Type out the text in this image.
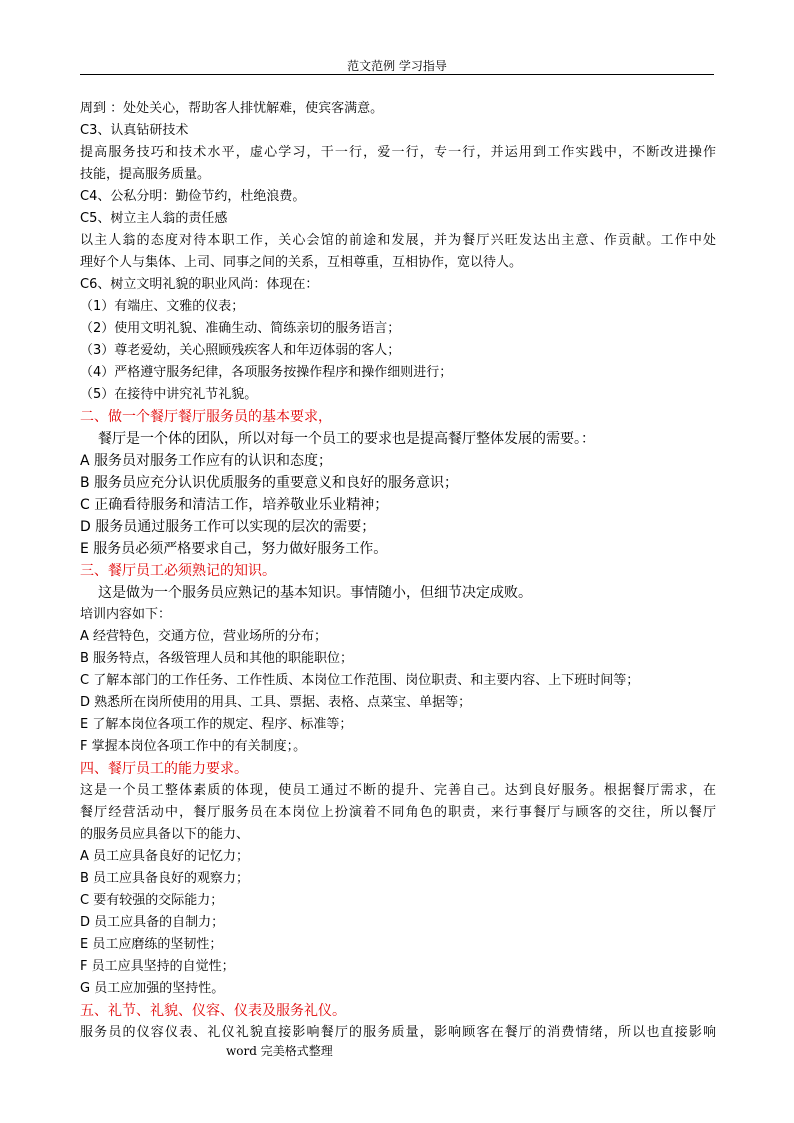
范文范例 学习指导
周到 ：处处关心，帮助客人排忧解难，使宾客满意。
C3、认真钻研技术
提高服务技巧和技术水平，虚心学习，干一行，爱一行，专一行，并运用到工作实践中，不断改进操作
技能，提高服务质量。
C4、公私分明：勤俭节约，杜绝浪费。
C5、树立主人翁的责任感
以主人翁的态度对待本职工作，关心会馆的前途和发展，并为餐厅兴旺发达出主意、作贡献。工作中处
理好个人与集体、上司、同事之间的关系，互相尊重，互相协作，宽以待人。
C6、树立文明礼貌的职业风尚：体现在：
（1）有端庄、文雅的仪表；
（2）使用文明礼貌、准确生动、简练亲切的服务语言；
（3）尊老爱幼，关心照顾残疾客人和年迈体弱的客人；
（4）严格遵守服务纪律，各项服务按操作程序和操作细则进行；
（5）在接待中讲究礼节礼貌。
二、做一个餐厅餐厅服务员的基本要求，
餐厅是一个体的团队，所以对每一个员工的要求也是提高餐厅整体发展的需要。：
A 服务员对服务工作应有的认识和态度；
B 服务员应充分认识优质服务的重要意义和良好的服务意识；
C 正确看待服务和清洁工作，培养敬业乐业精神；
D 服务员通过服务工作可以实现的层次的需要；
E 服务员必须严格要求自己，努力做好服务工作。
三、餐厅员工必须熟记的知识。
这是做为一个服务员应熟记的基本知识。事情随小，但细节决定成败。
培训内容如下：
A 经营特色，交通方位，营业场所的分布；
B 服务特点，各级管理人员和其他的职能职位；
C 了解本部门的工作任务、工作性质、本岗位工作范围、岗位职责、和主要内容、上下班时间等；
D 熟悉所在岗所使用的用具、工具、票据、表格、点菜宝、单据等；
E 了解本岗位各项工作的规定、程序、标准等；
F 掌握本岗位各项工作中的有关制度；。
四、餐厅员工的能力要求。
这是一个员工整体素质的体现，使员工通过不断的提升、完善自己。达到良好服务。根据餐厅需求，在
餐厅经营活动中，餐厅服务员在本岗位上扮演着不同角色的职责，来行事餐厅与顾客的交往，所以餐厅
的服务员应具备以下的能力、
A 员工应具备良好的记忆力；
B 员工应具备良好的观察力；
C 要有较强的交际能力；
D 员工应具备的自制力；
E 员工应磨练的坚韧性；
F 员工应具坚持的自觉性；
G 员工应加强的坚持性。
五、礼节、礼貌、仪容、仪表及服务礼仪。
服务员的仪容仪表、礼仪礼貌直接影响餐厅的服务质量，影响顾客在餐厅的消费情绪，所以也直接影响
word 完美格式整理
